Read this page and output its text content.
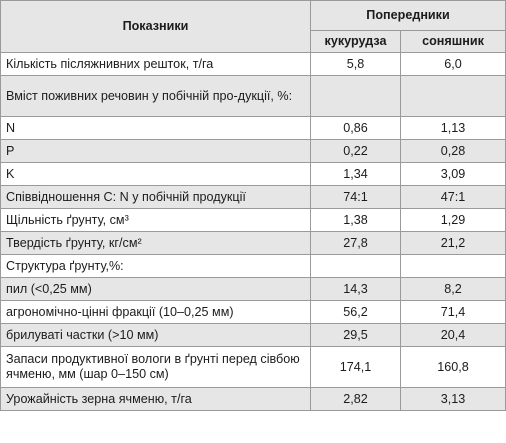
Показники	Попередники	
	кукурудза	соняшник
Кількість післяжнивних решток, т/га	5,8	6,0
Вміст поживних речовин у побічній про-дукції, %:		
N	0,86	1,13
P	0,22	0,28
K	1,34	3,09
Співвідношення С: N у побічній продукції	74:1	47:1
Щільність ґрунту, см³	1,38	1,29
Твердість ґрунту, кг/см²	27,8	21,2
Структура ґрунту,%:		
пил (<0,25 мм)	14,3	8,2
агрономічно-цінні фракції (10–0,25 мм)	56,2	71,4
брилуваті частки (>10 мм)	29,5	20,4
Запаси продуктивної вологи в ґрунті перед сівбою ячменю, мм (шар 0–150 см)	174,1	160,8
Урожайність зерна ячменю, т/га	2,82	3,13
